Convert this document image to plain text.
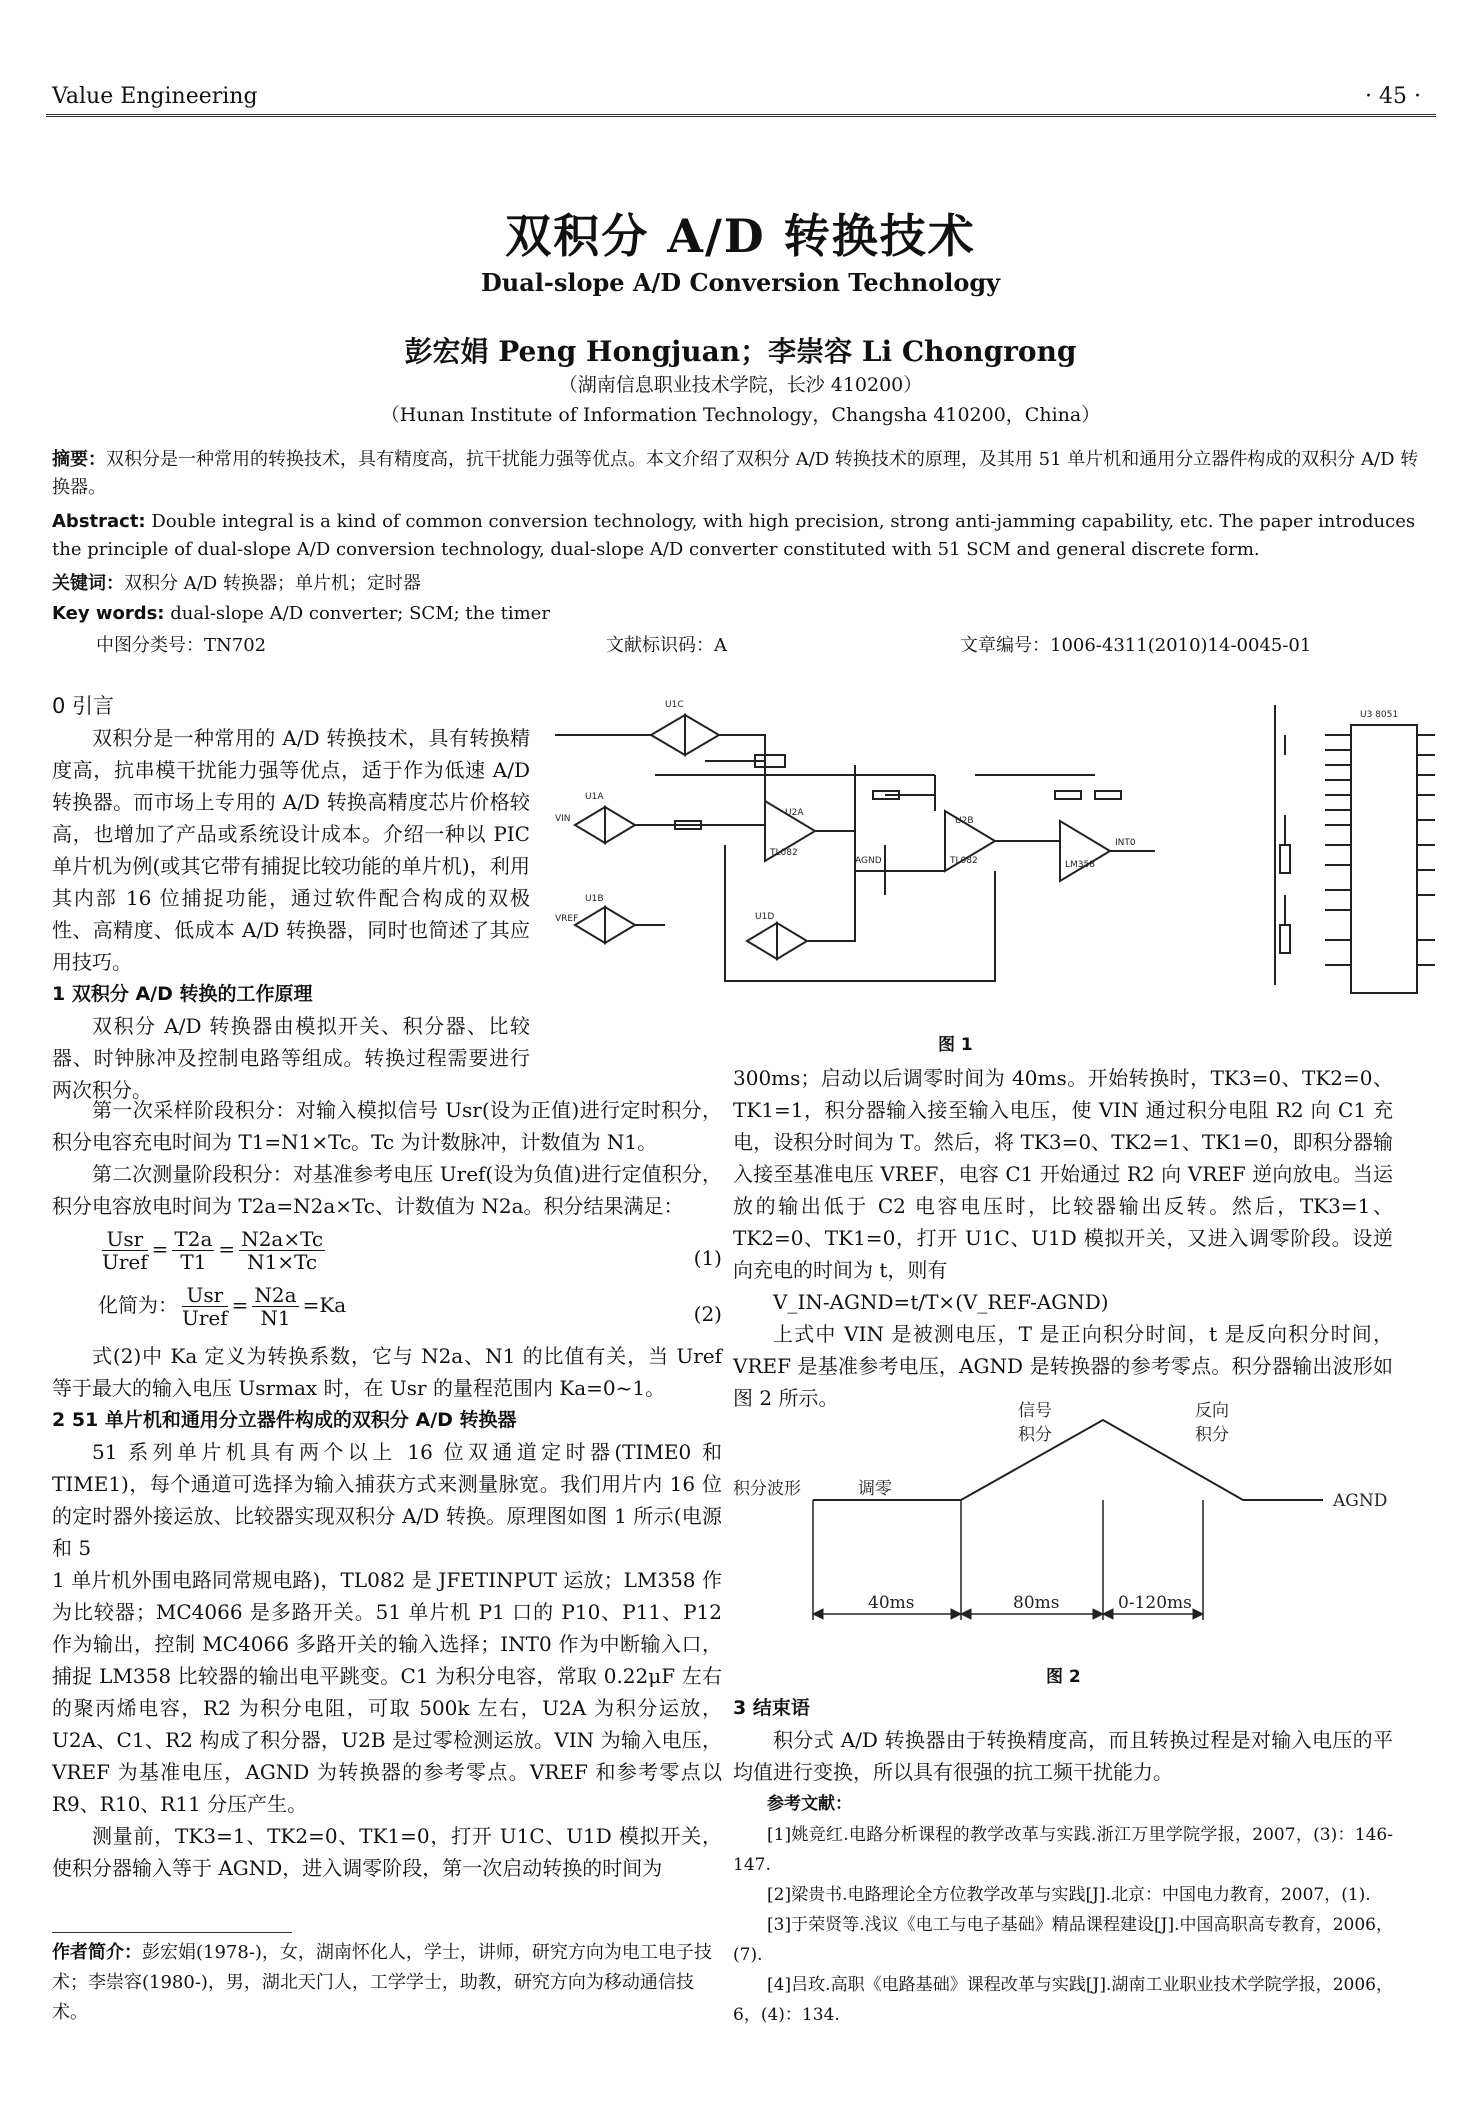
Value Engineering	· 45 ·
双积分 A/D 转换技术
Dual-slope A/D Conversion Technology
彭宏娟 Peng Hongjuan；李崇容 Li Chongrong
（湖南信息职业技术学院，长沙 410200）
（Hunan Institute of Information Technology，Changsha 410200，China）
摘要：双积分是一种常用的转换技术，具有精度高，抗干扰能力强等优点。本文介绍了双积分 A/D 转换技术的原理，及其用 51 单片机和通用分立器件构成的双积分 A/D 转换器。
Abstract: Double integral is a kind of common conversion technology, with high precision, strong anti-jamming capability, etc. The paper introduces the principle of dual-slope A/D conversion technology, dual-slope A/D converter constituted with 51 SCM and general discrete form.
关键词：双积分 A/D 转换器；单片机；定时器
Key words: dual-slope A/D converter; SCM; the timer
中图分类号：TN702	文献标识码：A	文章编号：1006-4311(2010)14-0045-01
0 引言

双积分是一种常用的 A/D 转换技术，具有转换精度高，抗串模干扰能力强等优点，适于作为低速 A/D 转换器。而市场上专用的 A/D 转换高精度芯片价格较高，也增加了产品或系统设计成本。介绍一种以 PIC 单片机为例(或其它带有捕捉比较功能的单片机)，利用其内部 16 位捕捉功能，通过软件配合构成的双极性、高精度、低成本 A/D 转换器，同时也简述了其应用技巧。

1 双积分 A/D 转换的工作原理

双积分 A/D 转换器由模拟开关、积分器、比较器、时钟脉冲及控制电路等组成。转换过程需要进行两次积分。

第一次采样阶段积分：对输入模拟信号 Usr(设为正值)进行定时积分，积分电容充电时间为 T1=N1×Tc。Tc 为计数脉冲，计数值为 N1。

第二次测量阶段积分：对基准参考电压 Uref(设为负值)进行定值积分，积分电容放电时间为 T2a=N2a×Tc、计数值为 N2a。积分结果满足：

$\frac{\text{Usr}}{\text{Uref}} = \frac{T2a}{T1} = \frac{N2a\times Tc}{N1\times Tc}$	(1)
化简为： $\frac{\text{Usr}}{\text{Uref}} = \frac{N2a}{N1} =Ka$	(2)

式(2)中 Ka 定义为转换系数，它与 N2a、N1 的比值有关，当 Uref 等于最大的输入电压 Usrmax 时，在 Usr 的量程范围内 Ka=0~1。

2 51 单片机和通用分立器件构成的双积分 A/D 转换器

51 系列单片机具有两个以上 16 位双通道定时器(TIME0 和 TIME1)，每个通道可选择为输入捕获方式来测量脉宽。我们用片内 16 位的定时器外接运放、比较器实现双积分 A/D 转换。原理图如图 1 所示(电源和 5

1 单片机外围电路同常规电路)，TL082 是 JFETINPUT 运放；LM358 作为比较器；MC4066 是多路开关。51 单片机 P1 口的 P10、P11、P12 作为输出，控制 MC4066 多路开关的输入选择；INT0 作为中断输入口，捕捉 LM358 比较器的输出电平跳变。C1 为积分电容，常取 0.22μF 左右的聚丙烯电容，R2 为积分电阻，可取 500k 左右，U2A 为积分运放，U2A、C1、R2 构成了积分器，U2B 是过零检测运放。VIN 为输入电压，VREF 为基准电压，AGND 为转换器的参考零点。VREF 和参考零点以 R9、R10、R11 分压产生。

测量前，TK3=1、TK2=0、TK1=0，打开 U1C、U1D 模拟开关，使积分器输入等于 AGND，进入调零阶段，第一次启动转换的时间为

作者简介：彭宏娟(1978-)，女，湖南怀化人，学士，讲师，研究方向为电工电子技术；李崇容(1980-)，男，湖北天门人，工学学士，助教，研究方向为移动通信技术。
U1C
U1A
U1B
U1D
U2A
TL082
U2B
TL082	LM358
AGND
VIN
VREF
INT0
U3 8051
图 1

300ms；启动以后调零时间为 40ms。开始转换时，TK3=0、TK2=0、TK1=1，积分器输入接至输入电压，使 VIN 通过积分电阻 R2 向 C1 充电，设积分时间为 T。然后，将 TK3=0、TK2=1、TK1=0，即积分器输入接至基准电压 VREF，电容 C1 开始通过 R2 向 VREF 逆向放电。当运放的输出低于 C2 电容电压时，比较器输出反转。然后，TK3=1、TK2=0、TK1=0，打开 U1C、U1D 模拟开关，又进入调零阶段。设逆向充电的时间为 t，则有

V_IN-AGND=t/T×(V_REF-AGND)

上式中 VIN 是被测电压，T 是正向积分时间，t 是反向积分时间，VREF 是基准参考电压，AGND 是转换器的参考零点。积分器输出波形如图 2 所示。

积分波形	调零
信号积分
反向积分
AGND
40ms	80ms	0-120ms
图 2
3 结束语

积分式 A/D 转换器由于转换精度高，而且转换过程是对输入电压的平均值进行变换，所以具有很强的抗工频干扰能力。

参考文献：

[1]姚竞红.电路分析课程的教学改革与实践.浙江万里学院学报，2007，(3)：146-147.

[2]梁贵书.电路理论全方位教学改革与实践[J].北京：中国电力教育，2007，(1).

[3]于荣贤等.浅议《电工与电子基础》精品课程建设[J].中国高职高专教育，2006，(7).

[4]吕玫.高职《电路基础》课程改革与实践[J].湖南工业职业技术学院学报，2006，6，(4)：134.
